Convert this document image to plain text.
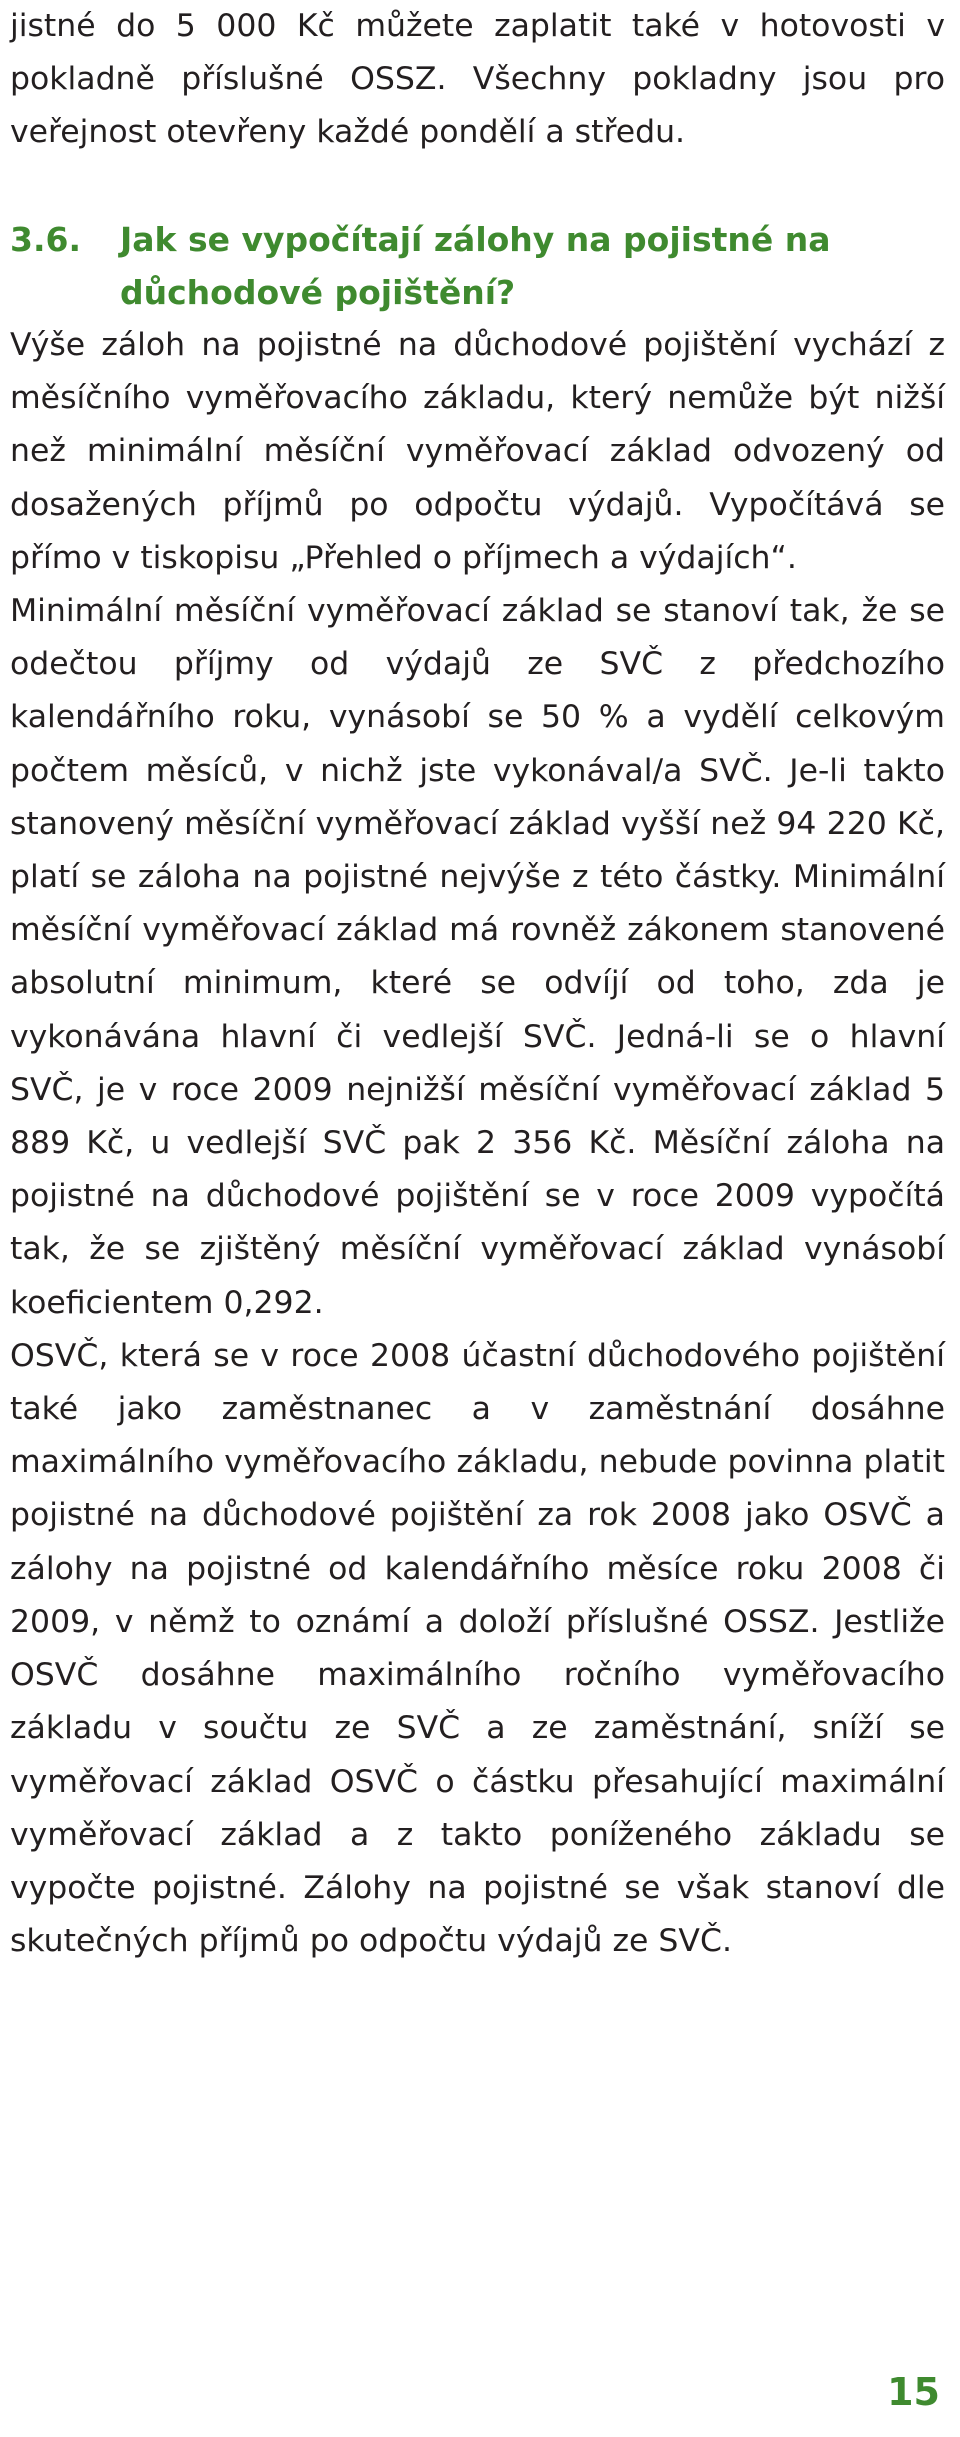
jistné do 5 000 Kč můžete zaplatit také v hotovosti v pokladně příslušné OSSZ. Všechny pokladny jsou pro veřejnost otevřeny každé pondělí a středu.

3.6.	Jak se vypočítají zálohy na pojistné na důchodové pojištění?

Výše záloh na pojistné na důchodové pojištění vychází z měsíčního vyměřovacího základu, který nemůže být nižší než minimální měsíční vyměřovací základ odvozený od dosažených příjmů po odpočtu výdajů. Vypočítává se přímo v tiskopisu „Přehled o příjmech a výdajích“.

Minimální měsíční vyměřovací základ se stanoví tak, že se odečtou příjmy od výdajů ze SVČ z předchozího kalendářního roku, vynásobí se 50 % a vydělí celkovým počtem měsíců, v nichž jste vykonával/a SVČ. Je-li takto stanovený měsíční vyměřovací základ vyšší než 94 220 Kč, platí se záloha na pojistné nejvýše z této částky. Minimální měsíční vyměřovací základ má rovněž zákonem stanovené absolutní minimum, které se odvíjí od toho, zda je vykonávána hlavní či vedlejší SVČ. Jedná-li se o hlavní SVČ, je v roce 2009 nejnižší měsíční vyměřovací základ 5 889 Kč, u vedlejší SVČ pak 2 356 Kč. Měsíční záloha na pojistné na důchodové pojištění se v roce 2009 vypočítá tak, že se zjištěný měsíční vyměřovací základ vynásobí koeficientem 0,292.

OSVČ, která se v roce 2008 účastní důchodového pojištění také jako zaměstnanec a v zaměstnání dosáhne maximálního vyměřovacího základu, nebude povinna platit pojistné na důchodové pojištění za rok 2008 jako OSVČ a zálohy na pojistné od kalendářního měsíce roku 2008 či 2009, v němž to oznámí a doloží příslušné OSSZ. Jestliže OSVČ dosáhne maximálního ročního vyměřovacího základu v součtu ze SVČ a ze zaměstnání, sníží se vyměřovací základ OSVČ o částku přesahující maximální vyměřovací základ a z takto poníženého základu se vypočte pojistné. Zálohy na pojistné se však stanoví dle skutečných příjmů po odpočtu výdajů ze SVČ.

15
